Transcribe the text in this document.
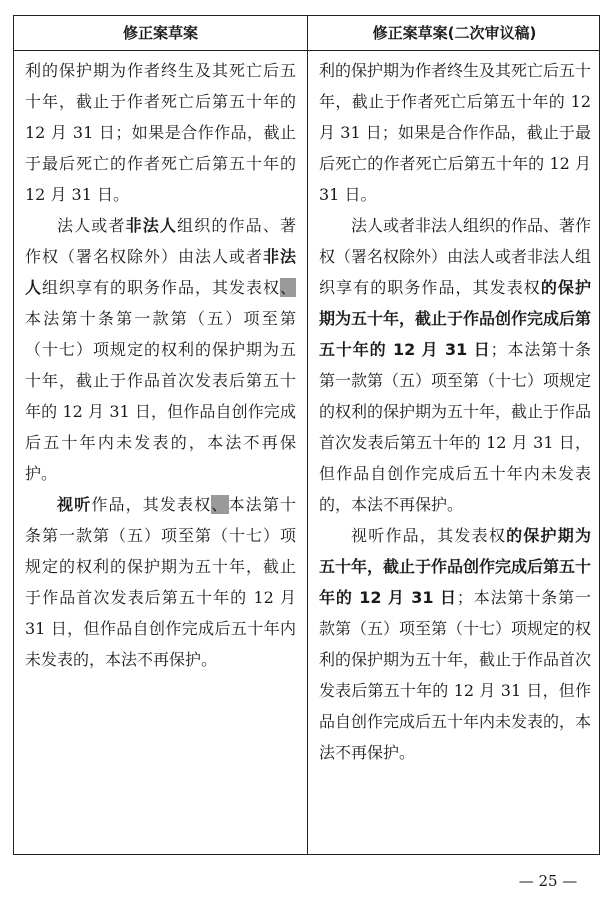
修正案草案	修正案草案(二次审议稿)

利的保护期为作者终生及其死亡后五十年，截止于作者死亡后第五十年的 12 月 31 日；如果是合作作品，截止于最后死亡的作者死亡后第五十年的 12 月 31 日。

法人或者非法人组织的作品、著作权（署名权除外）由法人或者非法人组织享有的职务作品，其发表权、本法第十条第一款第（五）项至第（十七）项规定的权利的保护期为五十年，截止于作品首次发表后第五十年的 12 月 31 日，但作品自创作完成后五十年内未发表的，本法不再保护。

视听作品，其发表权、本法第十条第一款第（五）项至第（十七）项规定的权利的保护期为五十年，截止于作品首次发表后第五十年的 12 月 31 日，但作品自创作完成后五十年内未发表的，本法不再保护。

利的保护期为作者终生及其死亡后五十年，截止于作者死亡后第五十年的 12 月 31 日；如果是合作作品，截止于最后死亡的作者死亡后第五十年的 12 月 31 日。

法人或者非法人组织的作品、著作权（署名权除外）由法人或者非法人组织享有的职务作品，其发表权的保护期为五十年，截止于作品创作完成后第五十年的 12 月 31 日；本法第十条第一款第（五）项至第（十七）项规定的权利的保护期为五十年，截止于作品首次发表后第五十年的 12 月 31 日，但作品自创作完成后五十年内未发表的，本法不再保护。

视听作品，其发表权的保护期为五十年，截止于作品创作完成后第五十年的 12 月 31 日；本法第十条第一款第（五）项至第（十七）项规定的权利的保护期为五十年，截止于作品首次发表后第五十年的 12 月 31 日，但作品自创作完成后五十年内未发表的，本法不再保护。

— 25 —
